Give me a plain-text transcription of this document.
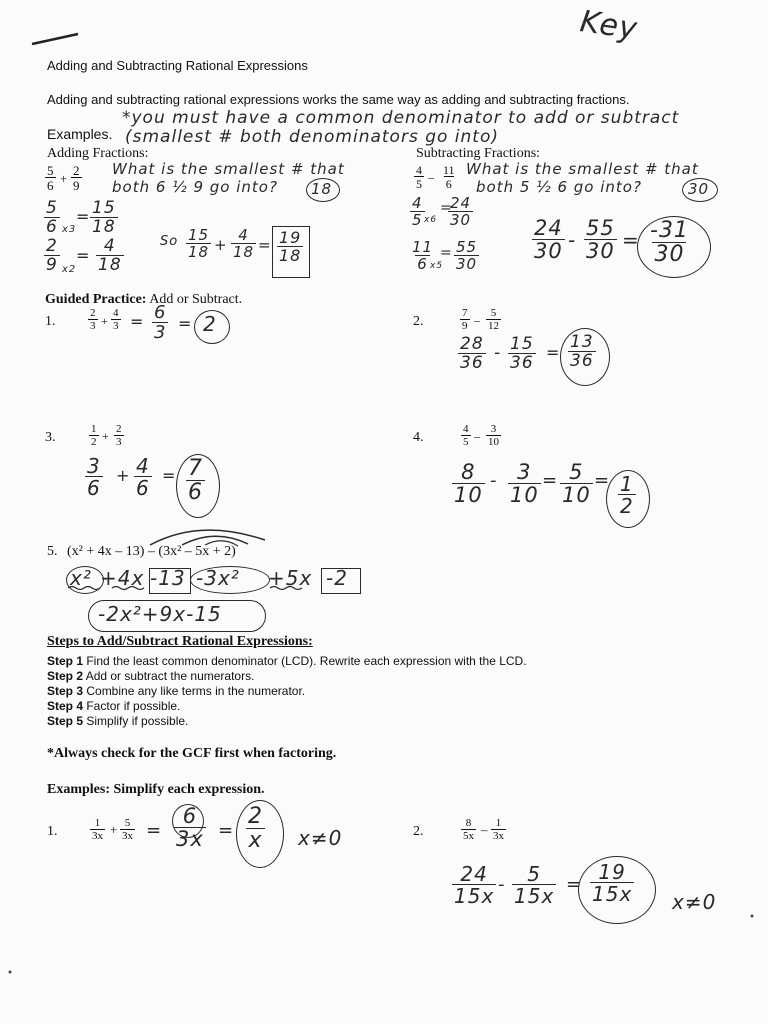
Key
Adding and Subtracting Rational Expressions
Adding and subtracting rational expressions works the same way as adding and subtracting fractions.
*you must have a common denominator to add or subtract
Examples. (smallest # both denominators go into)
Adding Fractions:	Subtracting Fractions:
$\frac{5}{6} + \frac{2}{9}$ What is the smallest # that
both 6 ½ 9 go into? 18
$\frac{5}{6} x3$
= $\frac{15}{18}$
$\frac{2}{9} x2$
= $\frac{4}{18}$	So $\frac{15}{18} + \frac{4}{18} = \frac{19}{18}$
$\frac{4}{5} - \frac{11}{6}$ What is the smallest # that
both 5 ½ 6 go into?	30
$\frac{4}{5} x6$
=
$\frac{24}{30}$
$\frac{11}{6}$
x5
= $\frac{55}{30}$	$\frac{24}{30} - \frac{55}{30} = \frac{-31}{30}$
Guided Practice: Add or Subtract.
1.	$\frac{2}{3} + \frac{4}{3} = \frac{6}{3} = 2$	2.	$\frac{7}{9} - \frac{5}{12}$
$\frac{28}{36} - \frac{15}{36} = \frac{13}{36}$
3.	$\frac{1}{2} + \frac{2}{3}$
$\frac{3}{6} + \frac{4}{6} = \frac{7}{6}$
4.	$\frac{4}{5} - \frac{3}{10}$
$\frac{8}{10} - \frac{3}{10} = \frac{5}{10} = \frac{1}{2}$
5. (x² + 4x – 13) – (3x² – 5x + 2)
x² +4x -13 -3x² +5x -2
-2x²+9x-15
Steps to Add/Subtract Rational Expressions:
Step 1 Find the least common denominator (LCD). Rewrite each expression with the LCD.
Step 2 Add or subtract the numerators.
Step 3 Combine any like terms in the numerator.
Step 4 Factor if possible.
Step 5 Simplify if possible.
*Always check for the GCF first when factoring.
Examples: Simplify each expression.
1.	$\frac{1}{3x} + \frac{5}{3x} = \frac{6}{3x} = \frac{2}{x} x\ne 0$	2.	$\frac{8}{5x} - \frac{1}{3x}$
$\frac{24}{15x} - \frac{5}{15x} = \frac{19}{15x} x\ne 0$
